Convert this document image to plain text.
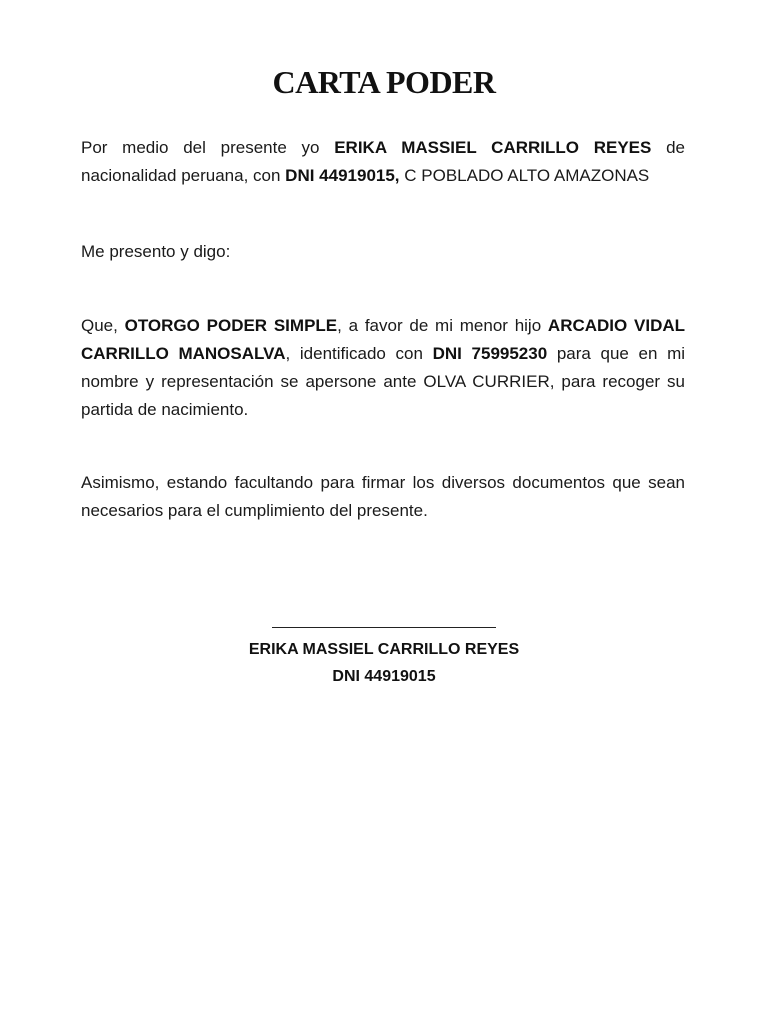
CARTA PODER

Por medio del presente yo ERIKA MASSIEL CARRILLO REYES de nacionalidad peruana, con DNI 44919015, C POBLADO ALTO AMAZONAS

Me presento y digo:

Que, OTORGO PODER SIMPLE, a favor de mi menor hijo ARCADIO VIDAL CARRILLO MANOSALVA, identificado con DNI 75995230 para que en mi nombre y representación se apersone ante OLVA CURRIER, para recoger su partida de nacimiento.

Asimismo, estando facultando para firmar los diversos documentos que sean necesarios para el cumplimiento del presente.

ERIKA MASSIEL CARRILLO REYES

DNI 44919015
